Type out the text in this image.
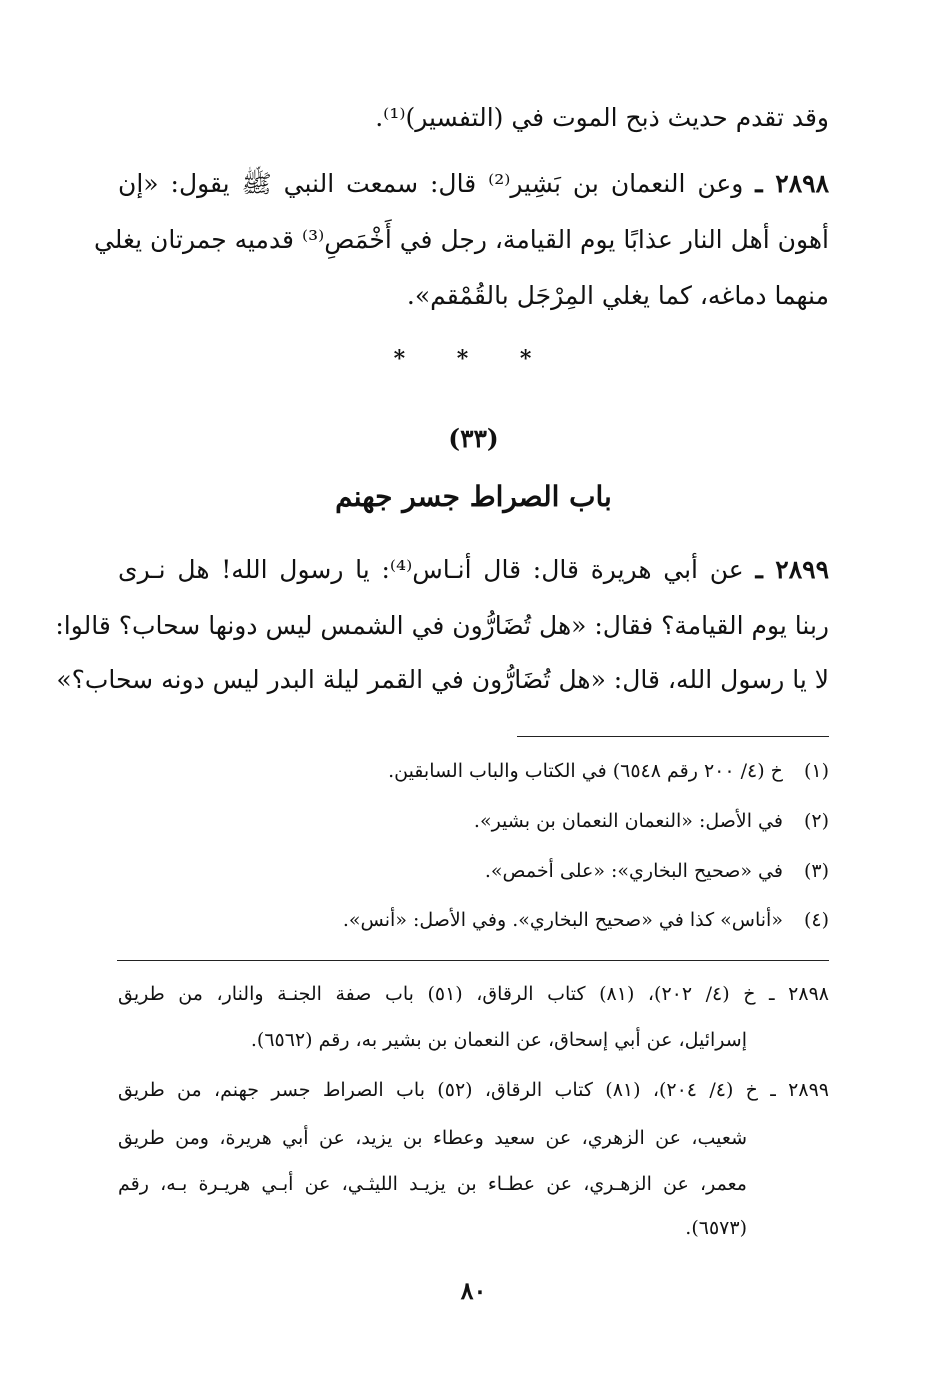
وقد تقدم حديث ذبح الموت في (التفسير)⁽¹⁾.
٢٨٩٨ ـ وعن النعمان بن بَشِير⁽²⁾ قال: سمعت النبي ﷺ يقول: «إن
أهون أهل النار عذابًا يوم القيامة، رجل في أَخْمَصِ⁽³⁾ قدميه جمرتان يغلي
منهما دماغه، كما يغلي المِرْجَل بالقُمْقم».
* * *
(٣٣)
باب الصراط جسر جهنم
٢٨٩٩ ـ عن أبي هريرة قال: قال أنـاس⁽⁴⁾: يا رسول الله! هل نـرى
ربنا يوم القيامة؟ فقال: «هل تُضَارُّون في الشمس ليس دونها سحاب؟ قالوا:
لا يا رسول الله، قال: «هل تُضَارُّون في القمر ليلة البدر ليس دونه سحاب؟»
(١) خ (٤/ ٢٠٠ رقم ٦٥٤٨) في الكتاب والباب السابقين.
(٢) في الأصل: «النعمان النعمان بن بشير».
(٣) في «صحيح البخاري»: «على أخمص».
(٤) «أناس» كذا في «صحيح البخاري». وفي الأصل: «أنس».
٢٨٩٨ ـ خ (٤/ ٢٠٢)، (٨١) كتاب الرقاق، (٥١) باب صفة الجنـة والنار، من طريق
إسرائيل، عن أبي إسحاق، عن النعمان بن بشير به، رقم (٦٥٦٢).
٢٨٩٩ ـ خ (٤/ ٢٠٤)، (٨١) كتاب الرقاق، (٥٢) باب الصراط جسر جهنم، من طريق
شعيب، عن الزهري، عن سعيد وعطاء بن يزيد، عن أبي هريرة، ومن طريق
معمر، عن الزهـري، عن عطـاء بن يزيـد الليثـي، عن أبـي هريـرة بـه، رقم
(٦٥٧٣).
٨٠
